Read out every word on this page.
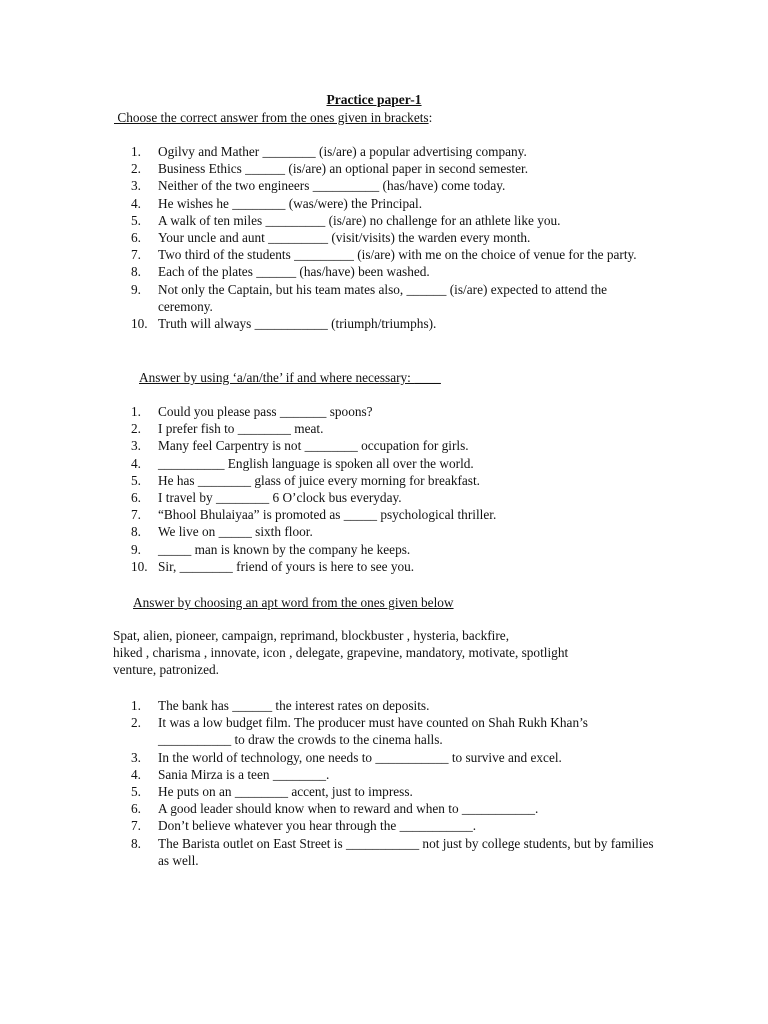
Practice paper-1
Choose the correct answer from the ones given in brackets:
1. Ogilvy and Mather ________ (is/are) a popular advertising company.
2. Business Ethics ______ (is/are) an optional paper in second semester.
3. Neither of the two engineers __________ (has/have) come today.
4. He wishes he ________ (was/were) the Principal.
5. A walk of ten miles _________ (is/are) no challenge for an athlete like you.
6. Your uncle and aunt _________ (visit/visits) the warden every month.
7. Two third of the students _________ (is/are) with me on the choice of venue for the party.
8. Each of the plates ______ (has/have) been washed.
9. Not only the Captain, but his team mates also, ______ (is/are) expected to attend the ceremony.
10. Truth will always ___________ (triumph/triumphs).
Answer by using ‘a/an/the’ if and where necessary: ____
1. Could you please pass _______ spoons?
2. I prefer fish to ________ meat.
3. Many feel Carpentry is not ________ occupation for girls.
4. __________ English language is spoken all over the world.
5. He has ________ glass of juice every morning for breakfast.
6. I travel by ________ 6 O’clock bus everyday.
7. “Bhool Bhulaiyaa” is promoted as _____ psychological thriller.
8. We live on _____ sixth floor.
9. _____ man is known by the company he keeps.
10. Sir, ________ friend of yours is here to see you.
Answer by choosing an apt word from the ones given below
Spat, alien, pioneer, campaign, reprimand, blockbuster , hysteria, backfire,
hiked , charisma , innovate, icon , delegate, grapevine, mandatory, motivate, spotlight
venture, patronized.
1. The bank has ______ the interest rates on deposits.
2. It was a low budget film. The producer must have counted on Shah Rukh Khan’s ___________ to draw the crowds to the cinema halls.
3. In the world of technology, one needs to ___________ to survive and excel.
4. Sania Mirza is a teen ________.
5. He puts on an ________ accent, just to impress.
6. A good leader should know when to reward and when to ___________.
7. Don’t believe whatever you hear through the ___________.
8. The Barista outlet on East Street is ___________ not just by college students, but by families as well.
